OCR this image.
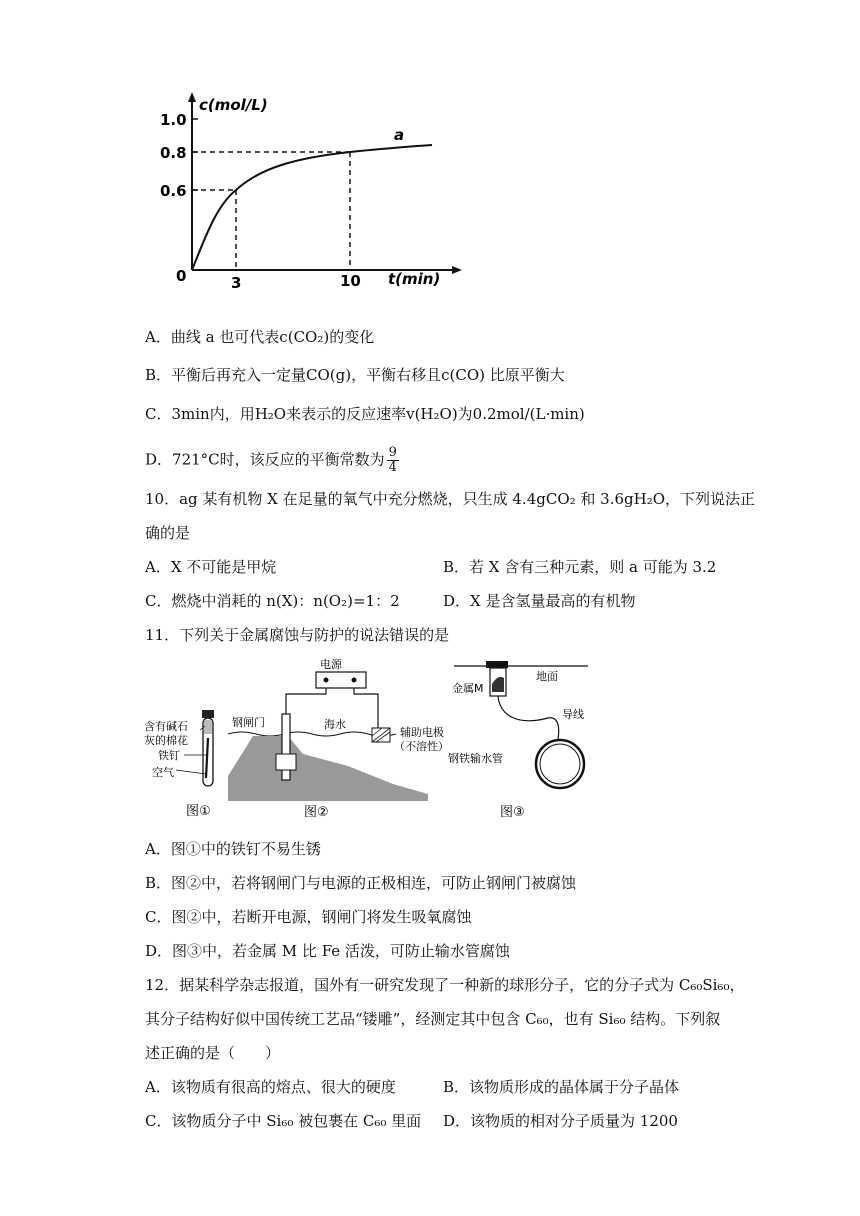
c(mol/L)
1.0
0.8
0.6
0	3	10 t(min)
a
A．曲线 a 也可代表c(CO₂)的变化
B．平衡后再充入一定量CO(g)，平衡右移且c(CO) 比原平衡大
C．3min内，用H₂O来表示的反应速率v(H₂O)为0.2mol/(L·min)
D．721°C时，该反应的平衡常数为 $\frac{9}{4}$
10．ag 某有机物 X 在足量的氧气中充分燃烧，只生成 4.4gCO₂ 和 3.6gH₂O，下列说法正
确的是
A．X 不可能是甲烷	B．若 X 含有三种元素，则 a 可能为 3.2
C．燃烧中消耗的 n(X)：n(O₂)=1：2	D．X 是含氢量最高的有机物
11．下列关于金属腐蚀与防护的说法错误的是
含有碱石
灰的棉花
铁钉
空气
图①
电源
钢闸门	海水
辅助电极
（不溶性）
图②
地面
金属M
导线
钢铁输水管
图③
A．图①中的铁钉不易生锈
B．图②中，若将钢闸门与电源的正极相连，可防止钢闸门被腐蚀
C．图②中，若断开电源，钢闸门将发生吸氧腐蚀
D．图③中，若金属 M 比 Fe 活泼，可防止输水管腐蚀
12．据某科学杂志报道，国外有一研究发现了一种新的球形分子，它的分子式为 C₆₀Si₆₀，
其分子结构好似中国传统工艺品“镂雕”，经测定其中包含 C₆₀，也有 Si₆₀ 结构。下列叙
述正确的是（　　）
A．该物质有很高的熔点、很大的硬度	B．该物质形成的晶体属于分子晶体
C．该物质分子中 Si₆₀ 被包裹在 C₆₀ 里面 D．该物质的相对分子质量为 1200
